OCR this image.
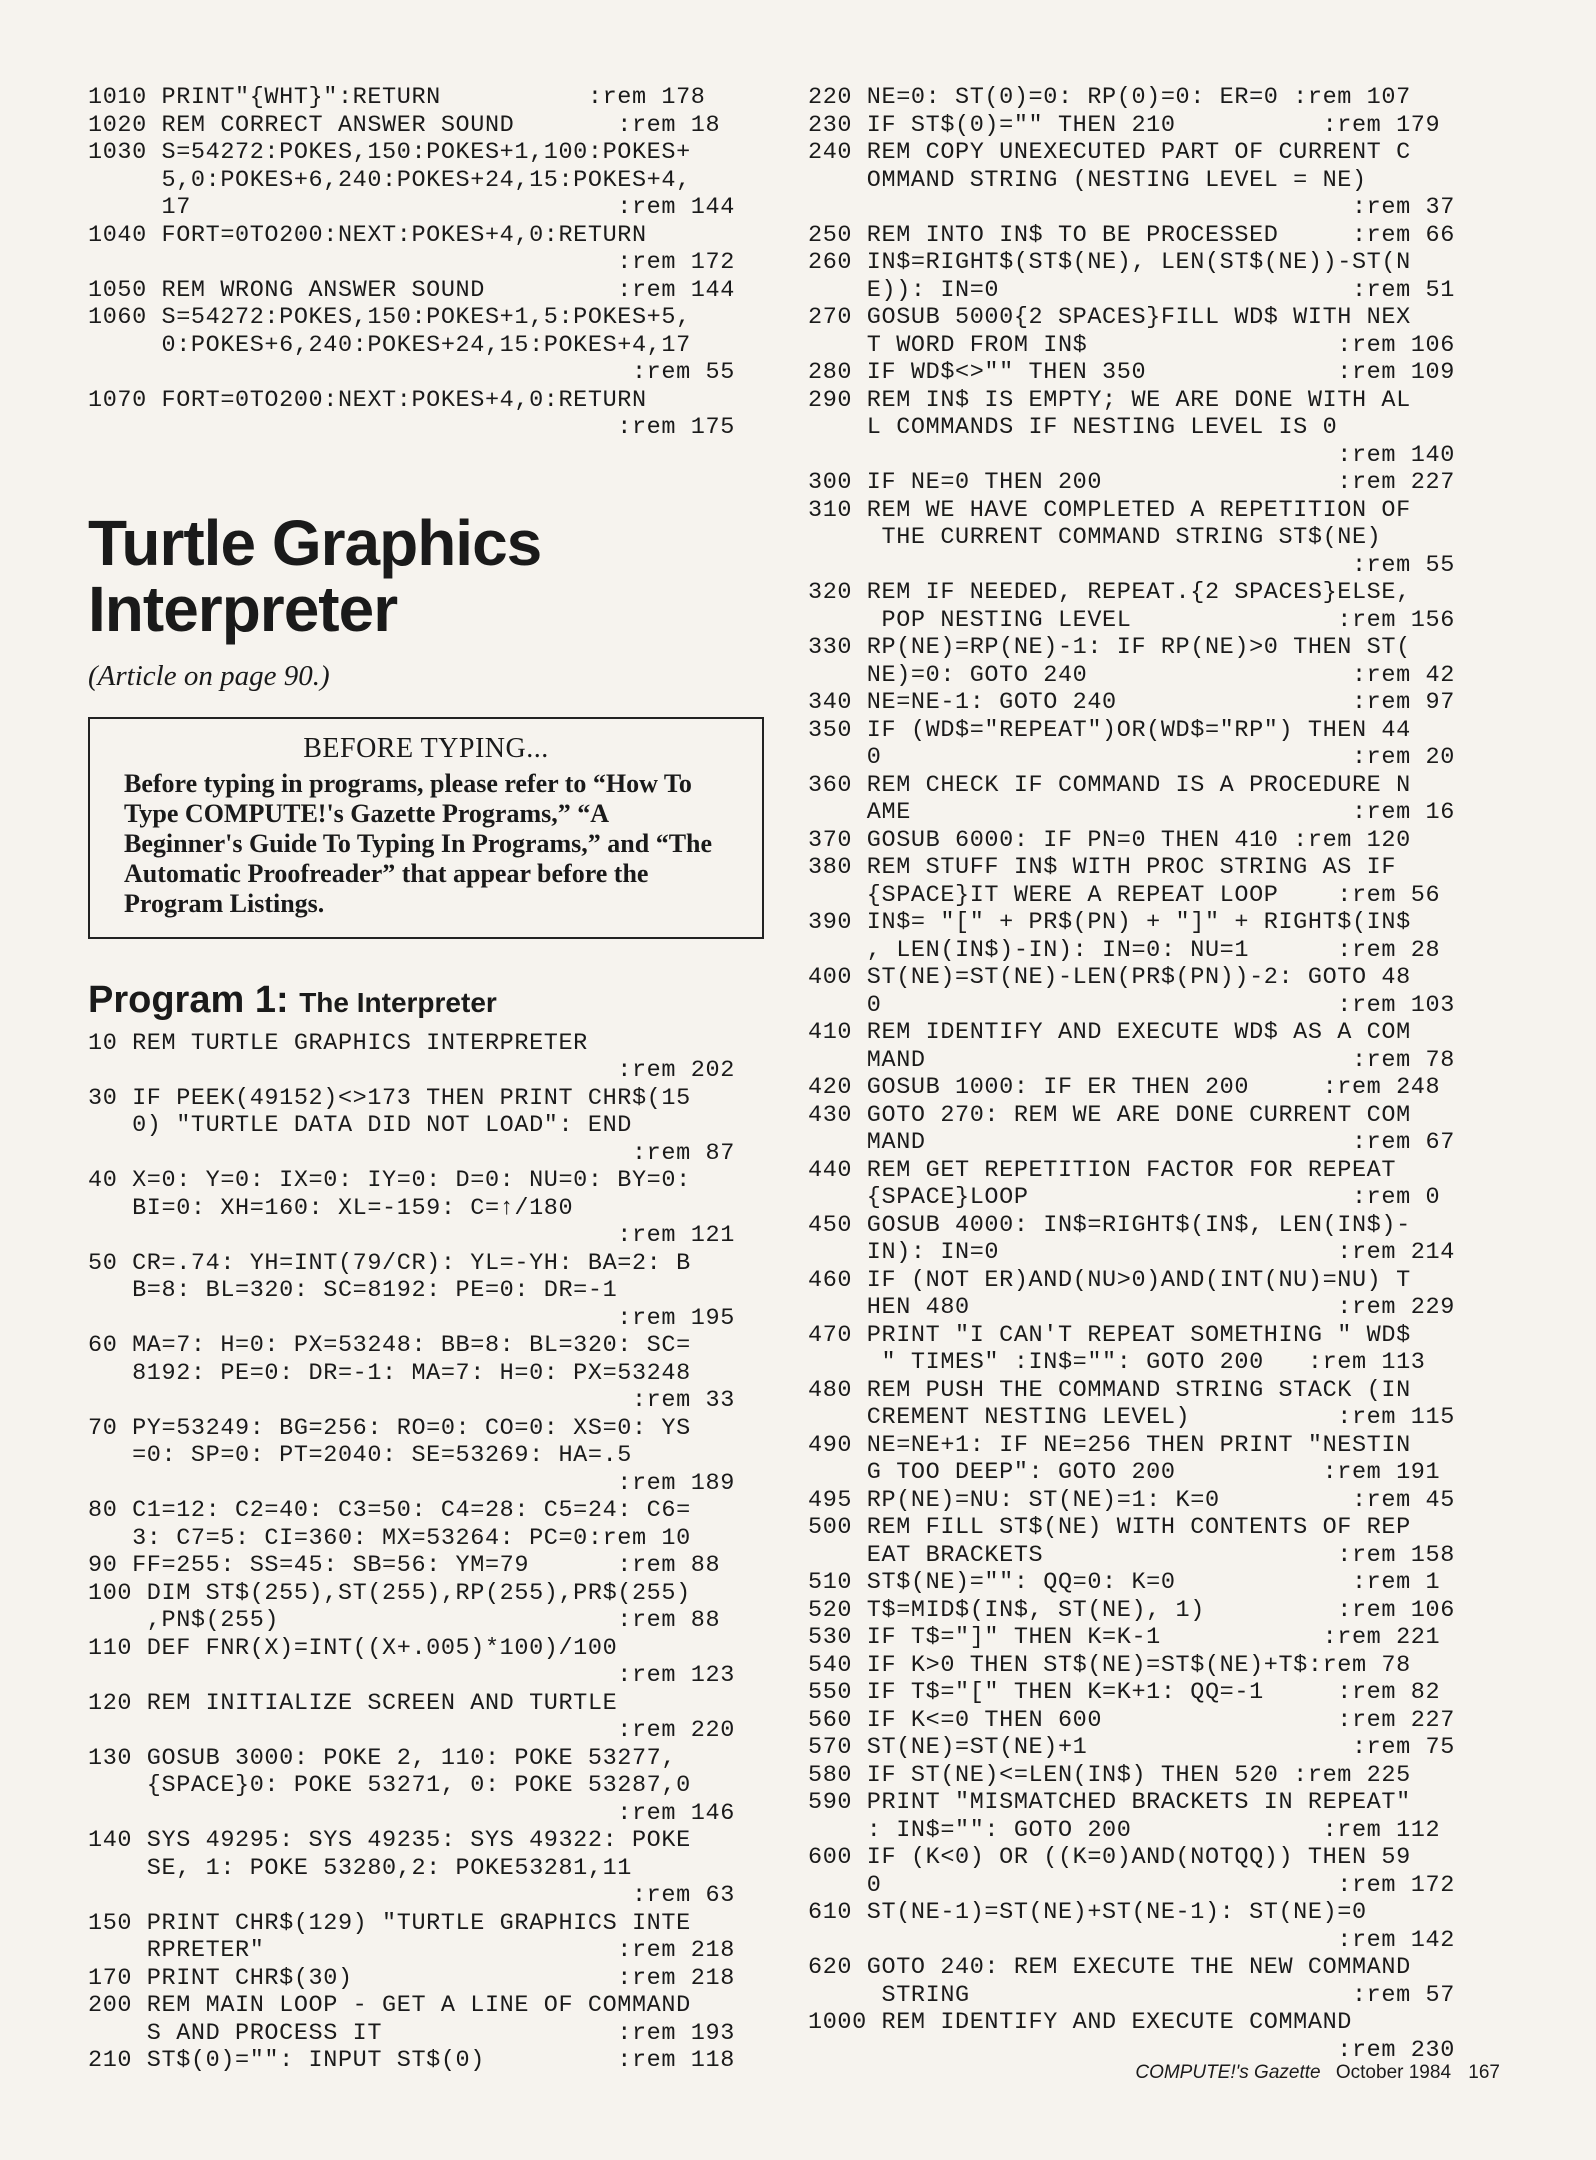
1010 PRINT"{WHT}":RETURN          :rem 178
1020 REM CORRECT ANSWER SOUND       :rem 18
1030 S=54272:POKES,150:POKES+1,100:POKES+
5,0:POKES+6,240:POKES+24,15:POKES+4,
17                             :rem 144
1040 FORT=0TO200:NEXT:POKES+4,0:RETURN
:rem 172
1050 REM WRONG ANSWER SOUND         :rem 144
1060 S=54272:POKES,150:POKES+1,5:POKES+5,
0:POKES+6,240:POKES+24,15:POKES+4,17
:rem 55
1070 FORT=0TO200:NEXT:POKES+4,0:RETURN
:rem 175
Turtle Graphics
Interpreter
(Article on page 90.)
BEFORE TYPING...
Before typing in programs, please refer to “How To Type COMPUTE!'s Gazette Programs,” “A Beginner's Guide To Typing In Programs,” and “The Automatic Proofreader” that appear before the Program Listings.
Program 1: The Interpreter
10 REM TURTLE GRAPHICS INTERPRETER
:rem 202
30 IF PEEK(49152)<>173 THEN PRINT CHR$(15
0) "TURTLE DATA DID NOT LOAD": END
:rem 87
40 X=0: Y=0: IX=0: IY=0: D=0: NU=0: BY=0:
BI=0: XH=160: XL=-159: C=↑/180
:rem 121
50 CR=.74: YH=INT(79/CR): YL=-YH: BA=2: B
B=8: BL=320: SC=8192: PE=0: DR=-1
:rem 195
60 MA=7: H=0: PX=53248: BB=8: BL=320: SC=
8192: PE=0: DR=-1: MA=7: H=0: PX=53248
:rem 33
70 PY=53249: BG=256: RO=0: CO=0: XS=0: YS
=0: SP=0: PT=2040: SE=53269: HA=.5
:rem 189
80 C1=12: C2=40: C3=50: C4=28: C5=24: C6=
3: C7=5: CI=360: MX=53264: PC=0:rem 10
90 FF=255: SS=45: SB=56: YM=79      :rem 88
100 DIM ST$(255),ST(255),RP(255),PR$(255)
,PN$(255)                       :rem 88
110 DEF FNR(X)=INT((X+.005)*100)/100
:rem 123
120 REM INITIALIZE SCREEN AND TURTLE
:rem 220
130 GOSUB 3000: POKE 2, 110: POKE 53277,
{SPACE}0: POKE 53271, 0: POKE 53287,0
:rem 146
140 SYS 49295: SYS 49235: SYS 49322: POKE
SE, 1: POKE 53280,2: POKE53281,11
:rem 63
150 PRINT CHR$(129) "TURTLE GRAPHICS INTE
RPRETER"                        :rem 218
170 PRINT CHR$(30)                  :rem 218
200 REM MAIN LOOP - GET A LINE OF COMMAND
S AND PROCESS IT                :rem 193
210 ST$(0)="": INPUT ST$(0)         :rem 118
220 NE=0: ST(0)=0: RP(0)=0: ER=0 :rem 107
230 IF ST$(0)="" THEN 210          :rem 179
240 REM COPY UNEXECUTED PART OF CURRENT C
OMMAND STRING (NESTING LEVEL = NE)
:rem 37
250 REM INTO IN$ TO BE PROCESSED     :rem 66
260 IN$=RIGHT$(ST$(NE), LEN(ST$(NE))-ST(N
E)): IN=0                        :rem 51
270 GOSUB 5000{2 SPACES}FILL WD$ WITH NEX
T WORD FROM IN$                 :rem 106
280 IF WD$<>"" THEN 350             :rem 109
290 REM IN$ IS EMPTY; WE ARE DONE WITH AL
L COMMANDS IF NESTING LEVEL IS 0
:rem 140
300 IF NE=0 THEN 200                :rem 227
310 REM WE HAVE COMPLETED A REPETITION OF
THE CURRENT COMMAND STRING ST$(NE)
:rem 55
320 REM IF NEEDED, REPEAT.{2 SPACES}ELSE,
POP NESTING LEVEL              :rem 156
330 RP(NE)=RP(NE)-1: IF RP(NE)>0 THEN ST(
NE)=0: GOTO 240                  :rem 42
340 NE=NE-1: GOTO 240                :rem 97
350 IF (WD$="REPEAT")OR(WD$="RP") THEN 44
0                                :rem 20
360 REM CHECK IF COMMAND IS A PROCEDURE N
AME                              :rem 16
370 GOSUB 6000: IF PN=0 THEN 410 :rem 120
380 REM STUFF IN$ WITH PROC STRING AS IF
{SPACE}IT WERE A REPEAT LOOP    :rem 56
390 IN$= "[" + PR$(PN) + "]" + RIGHT$(IN$
, LEN(IN$)-IN): IN=0: NU=1      :rem 28
400 ST(NE)=ST(NE)-LEN(PR$(PN))-2: GOTO 48
0                               :rem 103
410 REM IDENTIFY AND EXECUTE WD$ AS A COM
MAND                             :rem 78
420 GOSUB 1000: IF ER THEN 200     :rem 248
430 GOTO 270: REM WE ARE DONE CURRENT COM
MAND                             :rem 67
440 REM GET REPETITION FACTOR FOR REPEAT
{SPACE}LOOP                      :rem 0
450 GOSUB 4000: IN$=RIGHT$(IN$, LEN(IN$)-
IN): IN=0                       :rem 214
460 IF (NOT ER)AND(NU>0)AND(INT(NU)=NU) T
HEN 480                         :rem 229
470 PRINT "I CAN'T REPEAT SOMETHING " WD$
" TIMES" :IN$="": GOTO 200   :rem 113
480 REM PUSH THE COMMAND STRING STACK (IN
CREMENT NESTING LEVEL)          :rem 115
490 NE=NE+1: IF NE=256 THEN PRINT "NESTIN
G TOO DEEP": GOTO 200          :rem 191
495 RP(NE)=NU: ST(NE)=1: K=0         :rem 45
500 REM FILL ST$(NE) WITH CONTENTS OF REP
EAT BRACKETS                    :rem 158
510 ST$(NE)="": QQ=0: K=0            :rem 1
520 T$=MID$(IN$, ST(NE), 1)         :rem 106
530 IF T$="]" THEN K=K-1           :rem 221
540 IF K>0 THEN ST$(NE)=ST$(NE)+T$:rem 78
550 IF T$="[" THEN K=K+1: QQ=-1     :rem 82
560 IF K<=0 THEN 600                :rem 227
570 ST(NE)=ST(NE)+1                  :rem 75
580 IF ST(NE)<=LEN(IN$) THEN 520 :rem 225
590 PRINT "MISMATCHED BRACKETS IN REPEAT"
: IN$="": GOTO 200             :rem 112
600 IF (K<0) OR ((K=0)AND(NOTQQ)) THEN 59
0                               :rem 172
610 ST(NE-1)=ST(NE)+ST(NE-1): ST(NE)=0
:rem 142
620 GOTO 240: REM EXECUTE THE NEW COMMAND
STRING                          :rem 57
1000 REM IDENTIFY AND EXECUTE COMMAND
:rem 230
COMPUTE!'s Gazette October 1984 167
